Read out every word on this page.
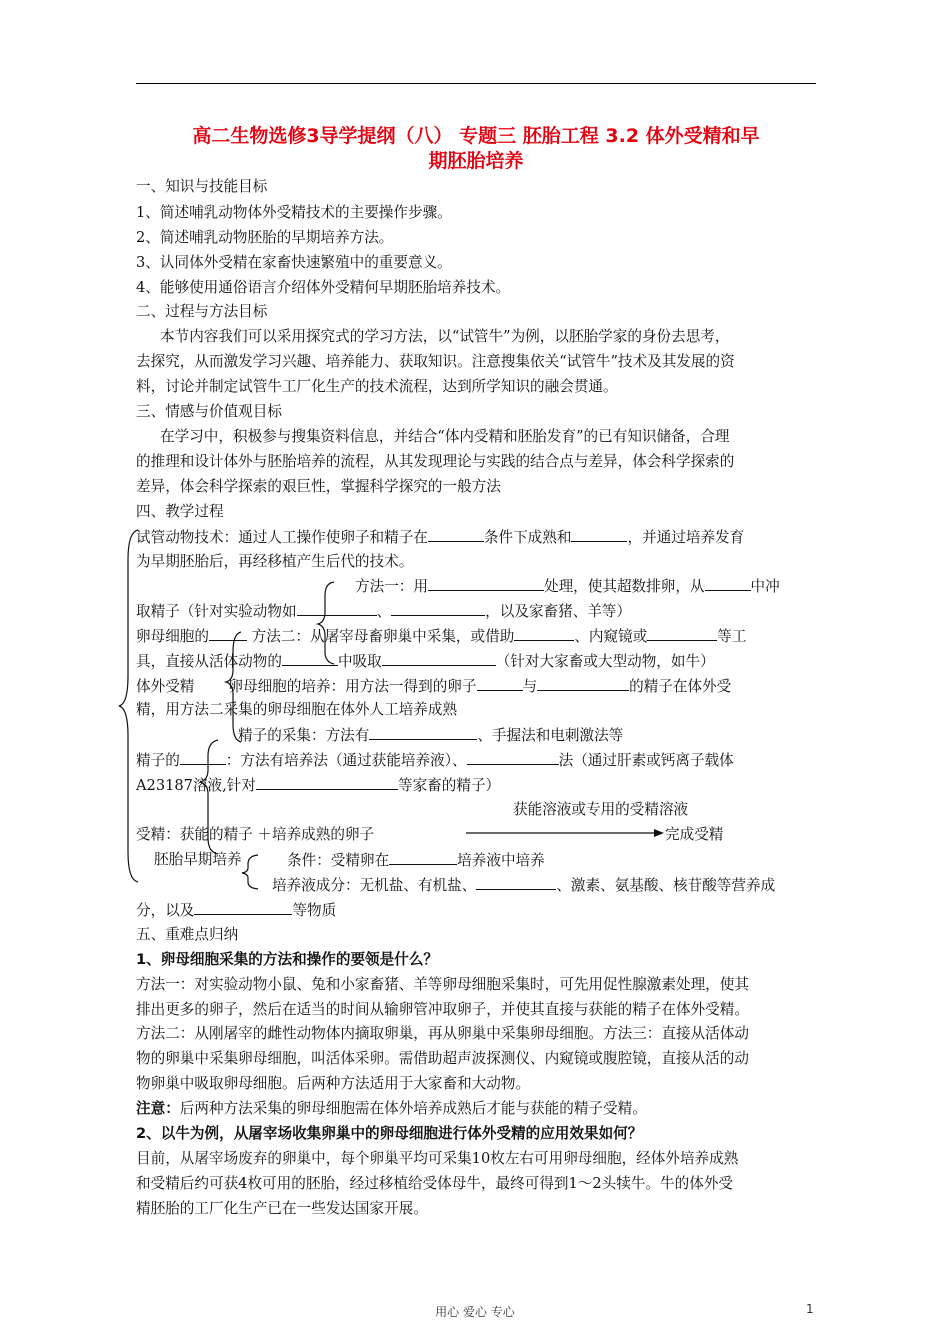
高二生物选修3导学提纲（八） 专题三 胚胎工程 3.2 体外受精和早
期胚胎培养
一、知识与技能目标
1、简述哺乳动物体外受精技术的主要操作步骤。
2、简述哺乳动物胚胎的早期培养方法。
3、认同体外受精在家畜快速繁殖中的重要意义。
4、能够使用通俗语言介绍体外受精何早期胚胎培养技术。
二、过程与方法目标
本节内容我们可以采用探究式的学习方法，以“试管牛”为例，以胚胎学家的身份去思考，
去探究，从而激发学习兴趣、培养能力、获取知识。注意搜集依关“试管牛”技术及其发展的资
料，讨论并制定试管牛工厂化生产的技术流程，达到所学知识的融会贯通。
三、情感与价值观目标
在学习中，积极参与搜集资料信息，并结合“体内受精和胚胎发育”的已有知识储备，合理
的推理和设计体外与胚胎培养的流程，从其发现理论与实践的结合点与差异，体会科学探索的
差异，体会科学探索的艰巨性，掌握科学探究的一般方法
四、教学过程
试管动物技术：通过人工操作使卵子和精子在	条件下成熟和	，并通过培养发育
为早期胚胎后，再经移植产生后代的技术。
方法一：用	处理，使其超数排卵，从	中冲
取精子（针对实验动物如	、	，以及家畜猪、羊等）
卵母细胞的	方法二：从屠宰母畜卵巢中采集，或借助	、内窥镜或	等工
具，直接从活体动物的	中吸取	（针对大家畜或大型动物，如牛）
体外受精 卵母细胞的培养：用方法一得到的卵子	与	的精子在体外受
精，用方法二采集的卵母细胞在体外人工培养成熟
精子的采集：方法有	、手握法和电刺激法等
精子的	：方法有培养法（通过获能培养液）、	法（通过肝素或钙离子载体
A23187溶液,针对	等家畜的精子）
获能溶液或专用的受精溶液
受精：获能的精子 ＋培养成熟的卵子	完成受精
胚胎早期培养	条件：受精卵在	培养液中培养
培养液成分：无机盐、有机盐、	、激素、氨基酸、核苷酸等营养成
分，以及	等物质
五、重难点归纳
1、卵母细胞采集的方法和操作的要领是什么？
方法一：对实验动物小鼠、兔和小家畜猪、羊等卵母细胞采集时，可先用促性腺激素处理，使其
排出更多的卵子，然后在适当的时间从输卵管冲取卵子，并使其直接与获能的精子在体外受精。
方法二：从刚屠宰的雌性动物体内摘取卵巢，再从卵巢中采集卵母细胞。方法三：直接从活体动
物的卵巢中采集卵母细胞，叫活体采卵。需借助超声波探测仪、内窥镜或腹腔镜，直接从活的动
物卵巢中吸取卵母细胞。后两种方法适用于大家畜和大动物。
注意：后两种方法采集的卵母细胞需在体外培养成熟后才能与获能的精子受精。
2、以牛为例，从屠宰场收集卵巢中的卵母细胞进行体外受精的应用效果如何？
目前，从屠宰场废弃的卵巢中，每个卵巢平均可采集10枚左右可用卵母细胞，经体外培养成熟
和受精后约可获4枚可用的胚胎，经过移植给受体母牛，最终可得到1～2头犊牛。牛的体外受
精胚胎的工厂化生产已在一些发达国家开展。
用心 爱心 专心	1
